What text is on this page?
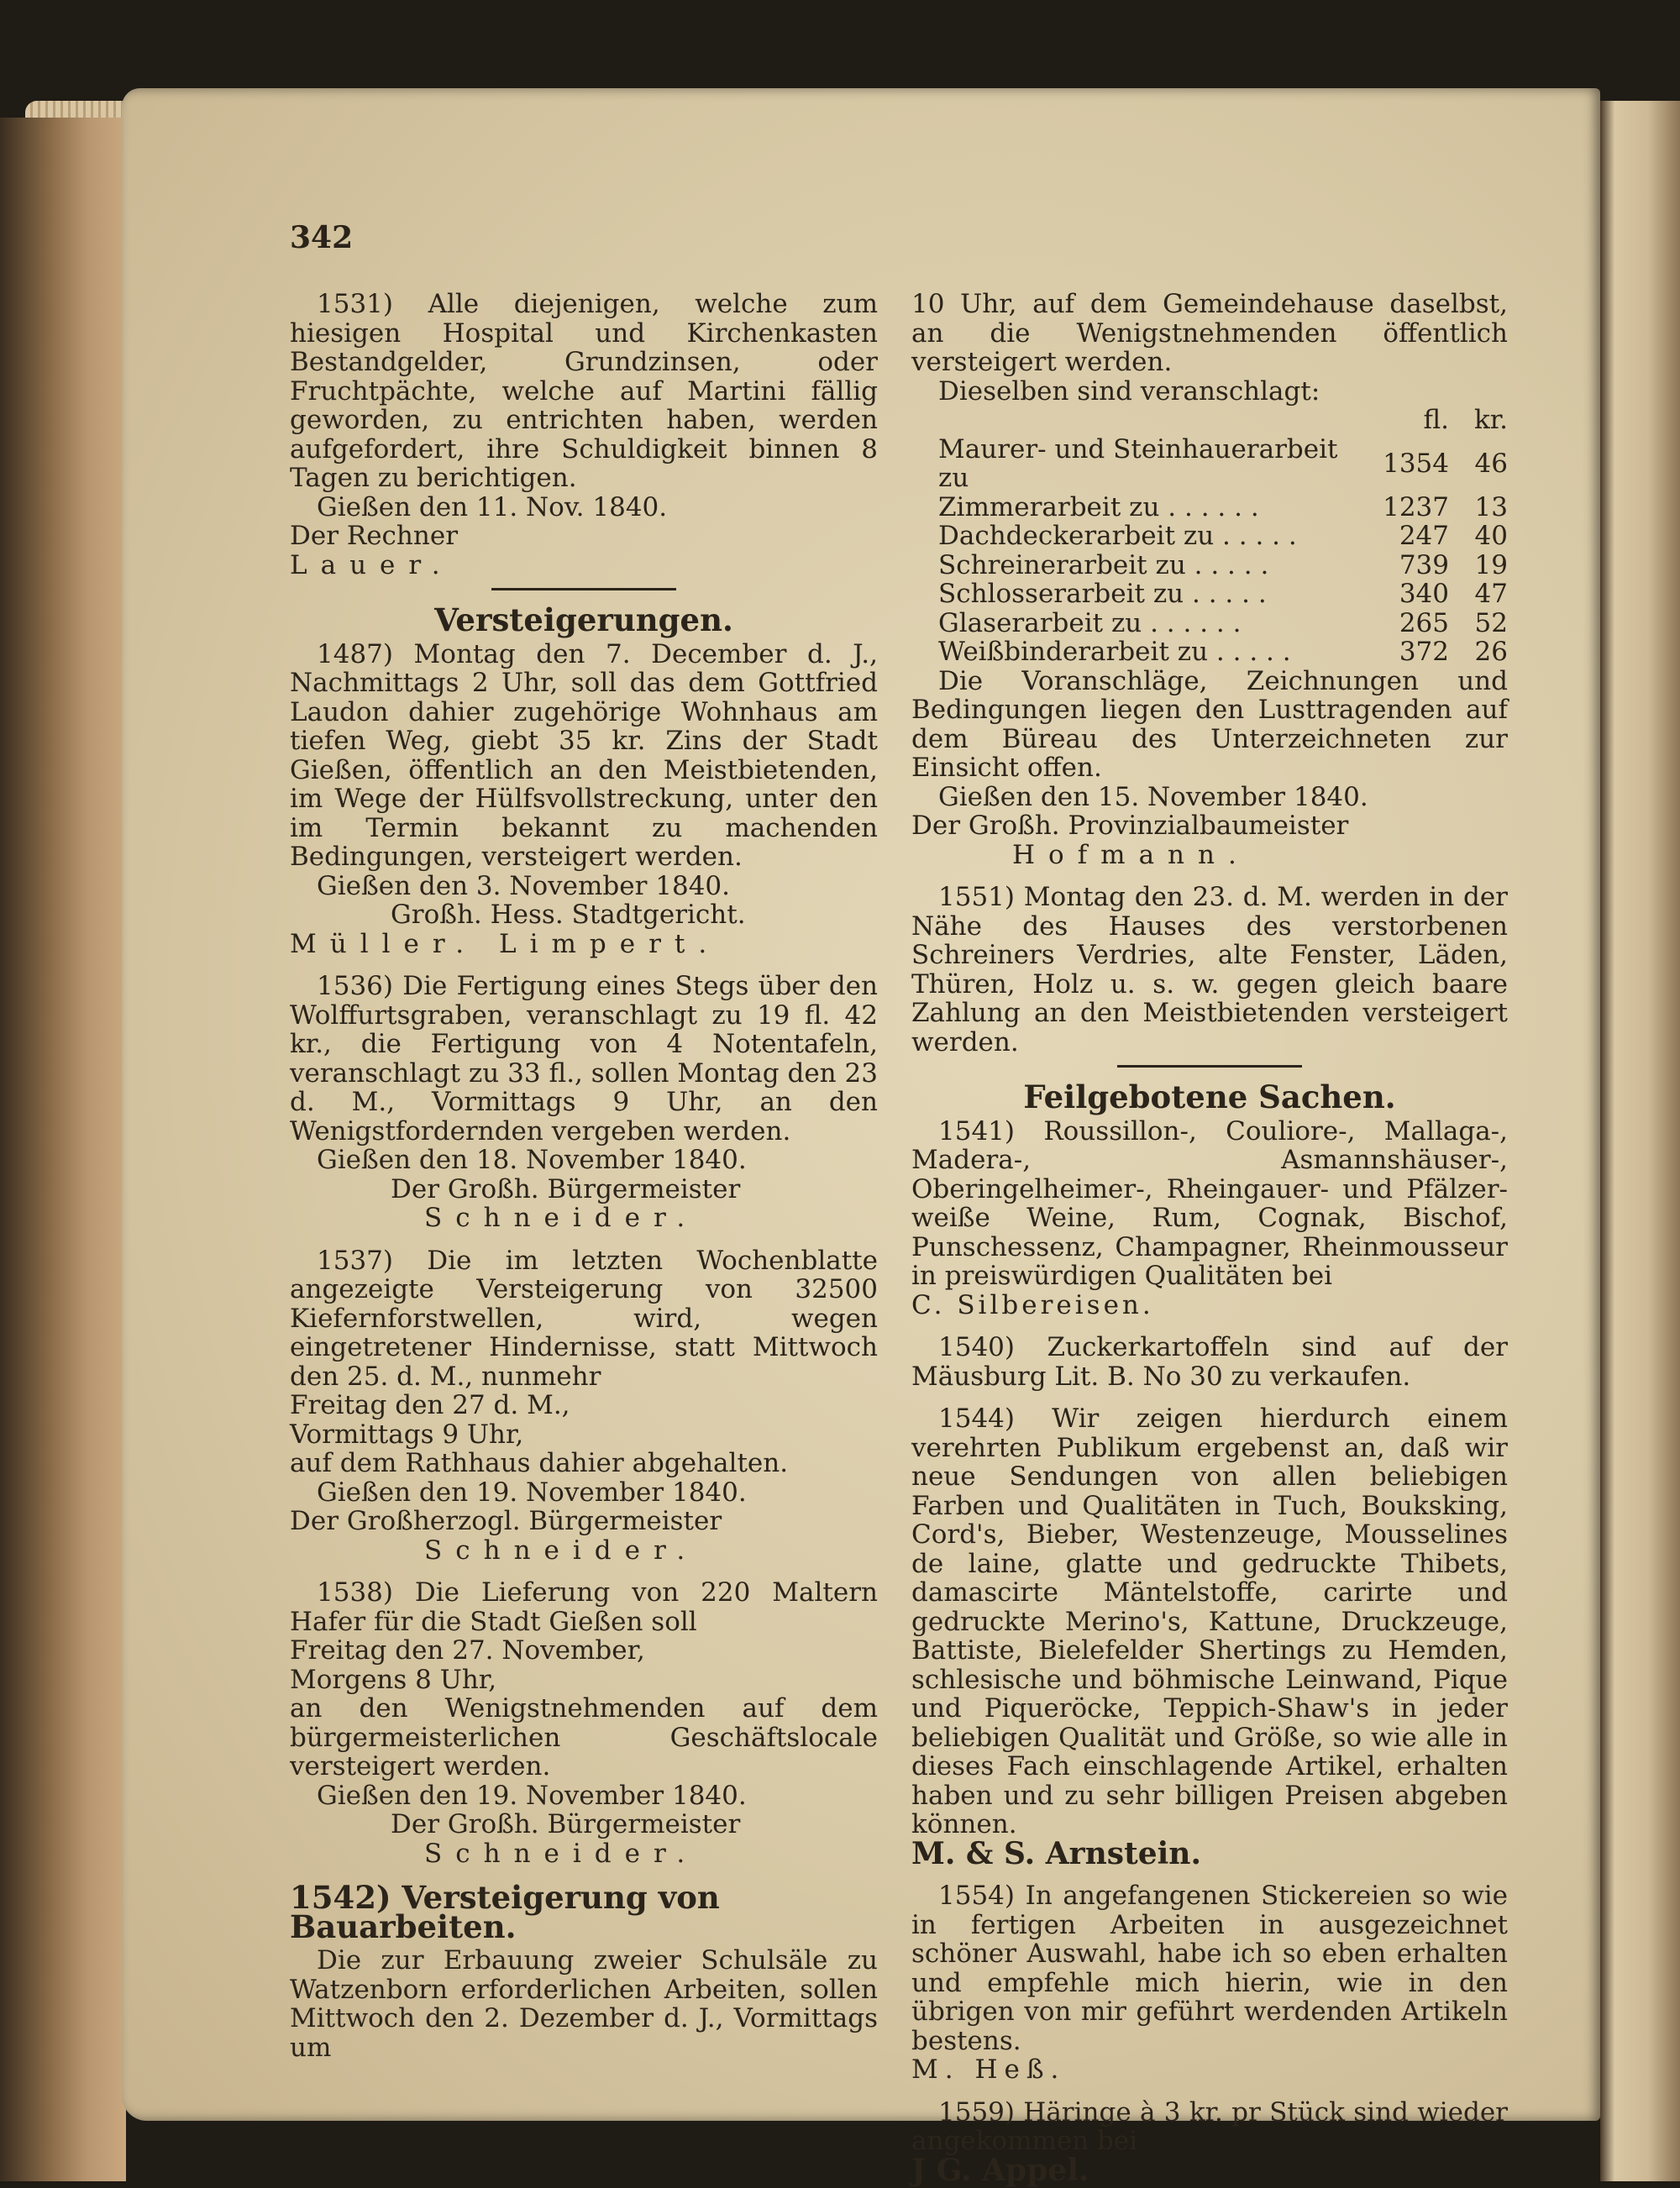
342

1531) Alle diejenigen, welche zum hiesigen Hospital und Kirchenkasten Bestandgelder, Grundzinsen, oder Fruchtpächte, welche auf Martini fällig geworden, zu entrichten haben, werden aufgefordert, ihre Schuldigkeit binnen 8 Tagen zu berichtigen.

Gießen den 11. Nov. 1840.

Der Rechner

Lauer.

Versteigerungen.

1487) Montag den 7. December d. J., Nachmittags 2 Uhr, soll das dem Gottfried Laudon dahier zugehörige Wohnhaus am tiefen Weg, giebt 35 kr. Zins der Stadt Gießen, öffentlich an den Meistbietenden, im Wege der Hülfsvollstreckung, unter den im Termin bekannt zu machenden Bedingungen, versteigert werden.

Gießen den 3. November 1840.

Großh. Hess. Stadtgericht.

Müller. Limpert.

1536) Die Fertigung eines Stegs über den Wolffurtsgraben, veranschlagt zu 19 fl. 42 kr., die Fertigung von 4 Notentafeln, veranschlagt zu 33 fl., sollen Montag den 23 d. M., Vormittags 9 Uhr, an den Wenigstfordernden vergeben werden.

Gießen den 18. November 1840.

Der Großh. Bürgermeister

Schneider.

1537) Die im letzten Wochenblatte angezeigte Versteigerung von 32500 Kiefernforstwellen, wird, wegen eingetretener Hindernisse, statt Mittwoch den 25. d. M., nunmehr

Freitag den 27 d. M.,

Vormittags 9 Uhr,

auf dem Rathhaus dahier abgehalten.

Gießen den 19. November 1840.

Der Großherzogl. Bürgermeister

Schneider.

1538) Die Lieferung von 220 Maltern Hafer für die Stadt Gießen soll

Freitag den 27. November,

Morgens 8 Uhr,

an den Wenigstnehmenden auf dem bürgermeisterlichen Geschäftslocale versteigert werden.

Gießen den 19. November 1840.

Der Großh. Bürgermeister

Schneider.

1542) Versteigerung von Bauarbeiten.

Die zur Erbauung zweier Schulsäle zu Watzenborn erforderlichen Arbeiten, sollen Mittwoch den 2. Dezember d. J., Vormittags um

10 Uhr, auf dem Gemeindehause daselbst, an die Wenigstnehmenden öffentlich versteigert werden.

Dieselben sind veranschlagt:

	fl.	kr.
Maurer- und Steinhauerarbeit zu	1354	46
Zimmerarbeit zu . . . . . .	1237	13
Dachdeckerarbeit zu . . . . .	247	40
Schreinerarbeit zu . . . . .	739	19
Schlosserarbeit zu . . . . .	340	47
Glaserarbeit zu . . . . . .	265	52
Weißbinderarbeit zu . . . . .	372	26

Die Voranschläge, Zeichnungen und Bedingungen liegen den Lusttragenden auf dem Büreau des Unterzeichneten zur Einsicht offen.

Gießen den 15. November 1840.

Der Großh. Provinzialbaumeister

Hofmann.

1551) Montag den 23. d. M. werden in der Nähe des Hauses des verstorbenen Schreiners Verdries, alte Fenster, Läden, Thüren, Holz u. s. w. gegen gleich baare Zahlung an den Meistbietenden versteigert werden.

Feilgebotene Sachen.

1541) Roussillon-, Couliore-, Mallaga-, Madera-, Asmannshäuser-, Oberingelheimer-, Rheingauer- und Pfälzer- weiße Weine, Rum, Cognak, Bischof, Punschessenz, Champagner, Rheinmousseur in preiswürdigen Qualitäten bei

C. Silbereisen.

1540) Zuckerkartoffeln sind auf der Mäusburg Lit. B. No 30 zu verkaufen.

1544) Wir zeigen hierdurch einem verehrten Publikum ergebenst an, daß wir neue Sendungen von allen beliebigen Farben und Qualitäten in Tuch, Bouksking, Cord's, Bieber, Westenzeuge, Mousselines de laine, glatte und gedruckte Thibets, damascirte Mäntelstoffe, carirte und gedruckte Merino's, Kattune, Druckzeuge, Battiste, Bielefelder Shertings zu Hemden, schlesische und böhmische Leinwand, Pique und Piqueröcke, Teppich-Shaw's in jeder beliebigen Qualität und Größe, so wie alle in dieses Fach einschlagende Artikel, erhalten haben und zu sehr billigen Preisen abgeben können.

M. & S. Arnstein.

1554) In angefangenen Stickereien so wie in fertigen Arbeiten in ausgezeichnet schöner Auswahl, habe ich so eben erhalten und empfehle mich hierin, wie in den übrigen von mir geführt werdenden Artikeln bestens.

M. Heß.

1559) Häringe à 3 kr. pr Stück sind wieder angekommen bei

J G. Appel.
